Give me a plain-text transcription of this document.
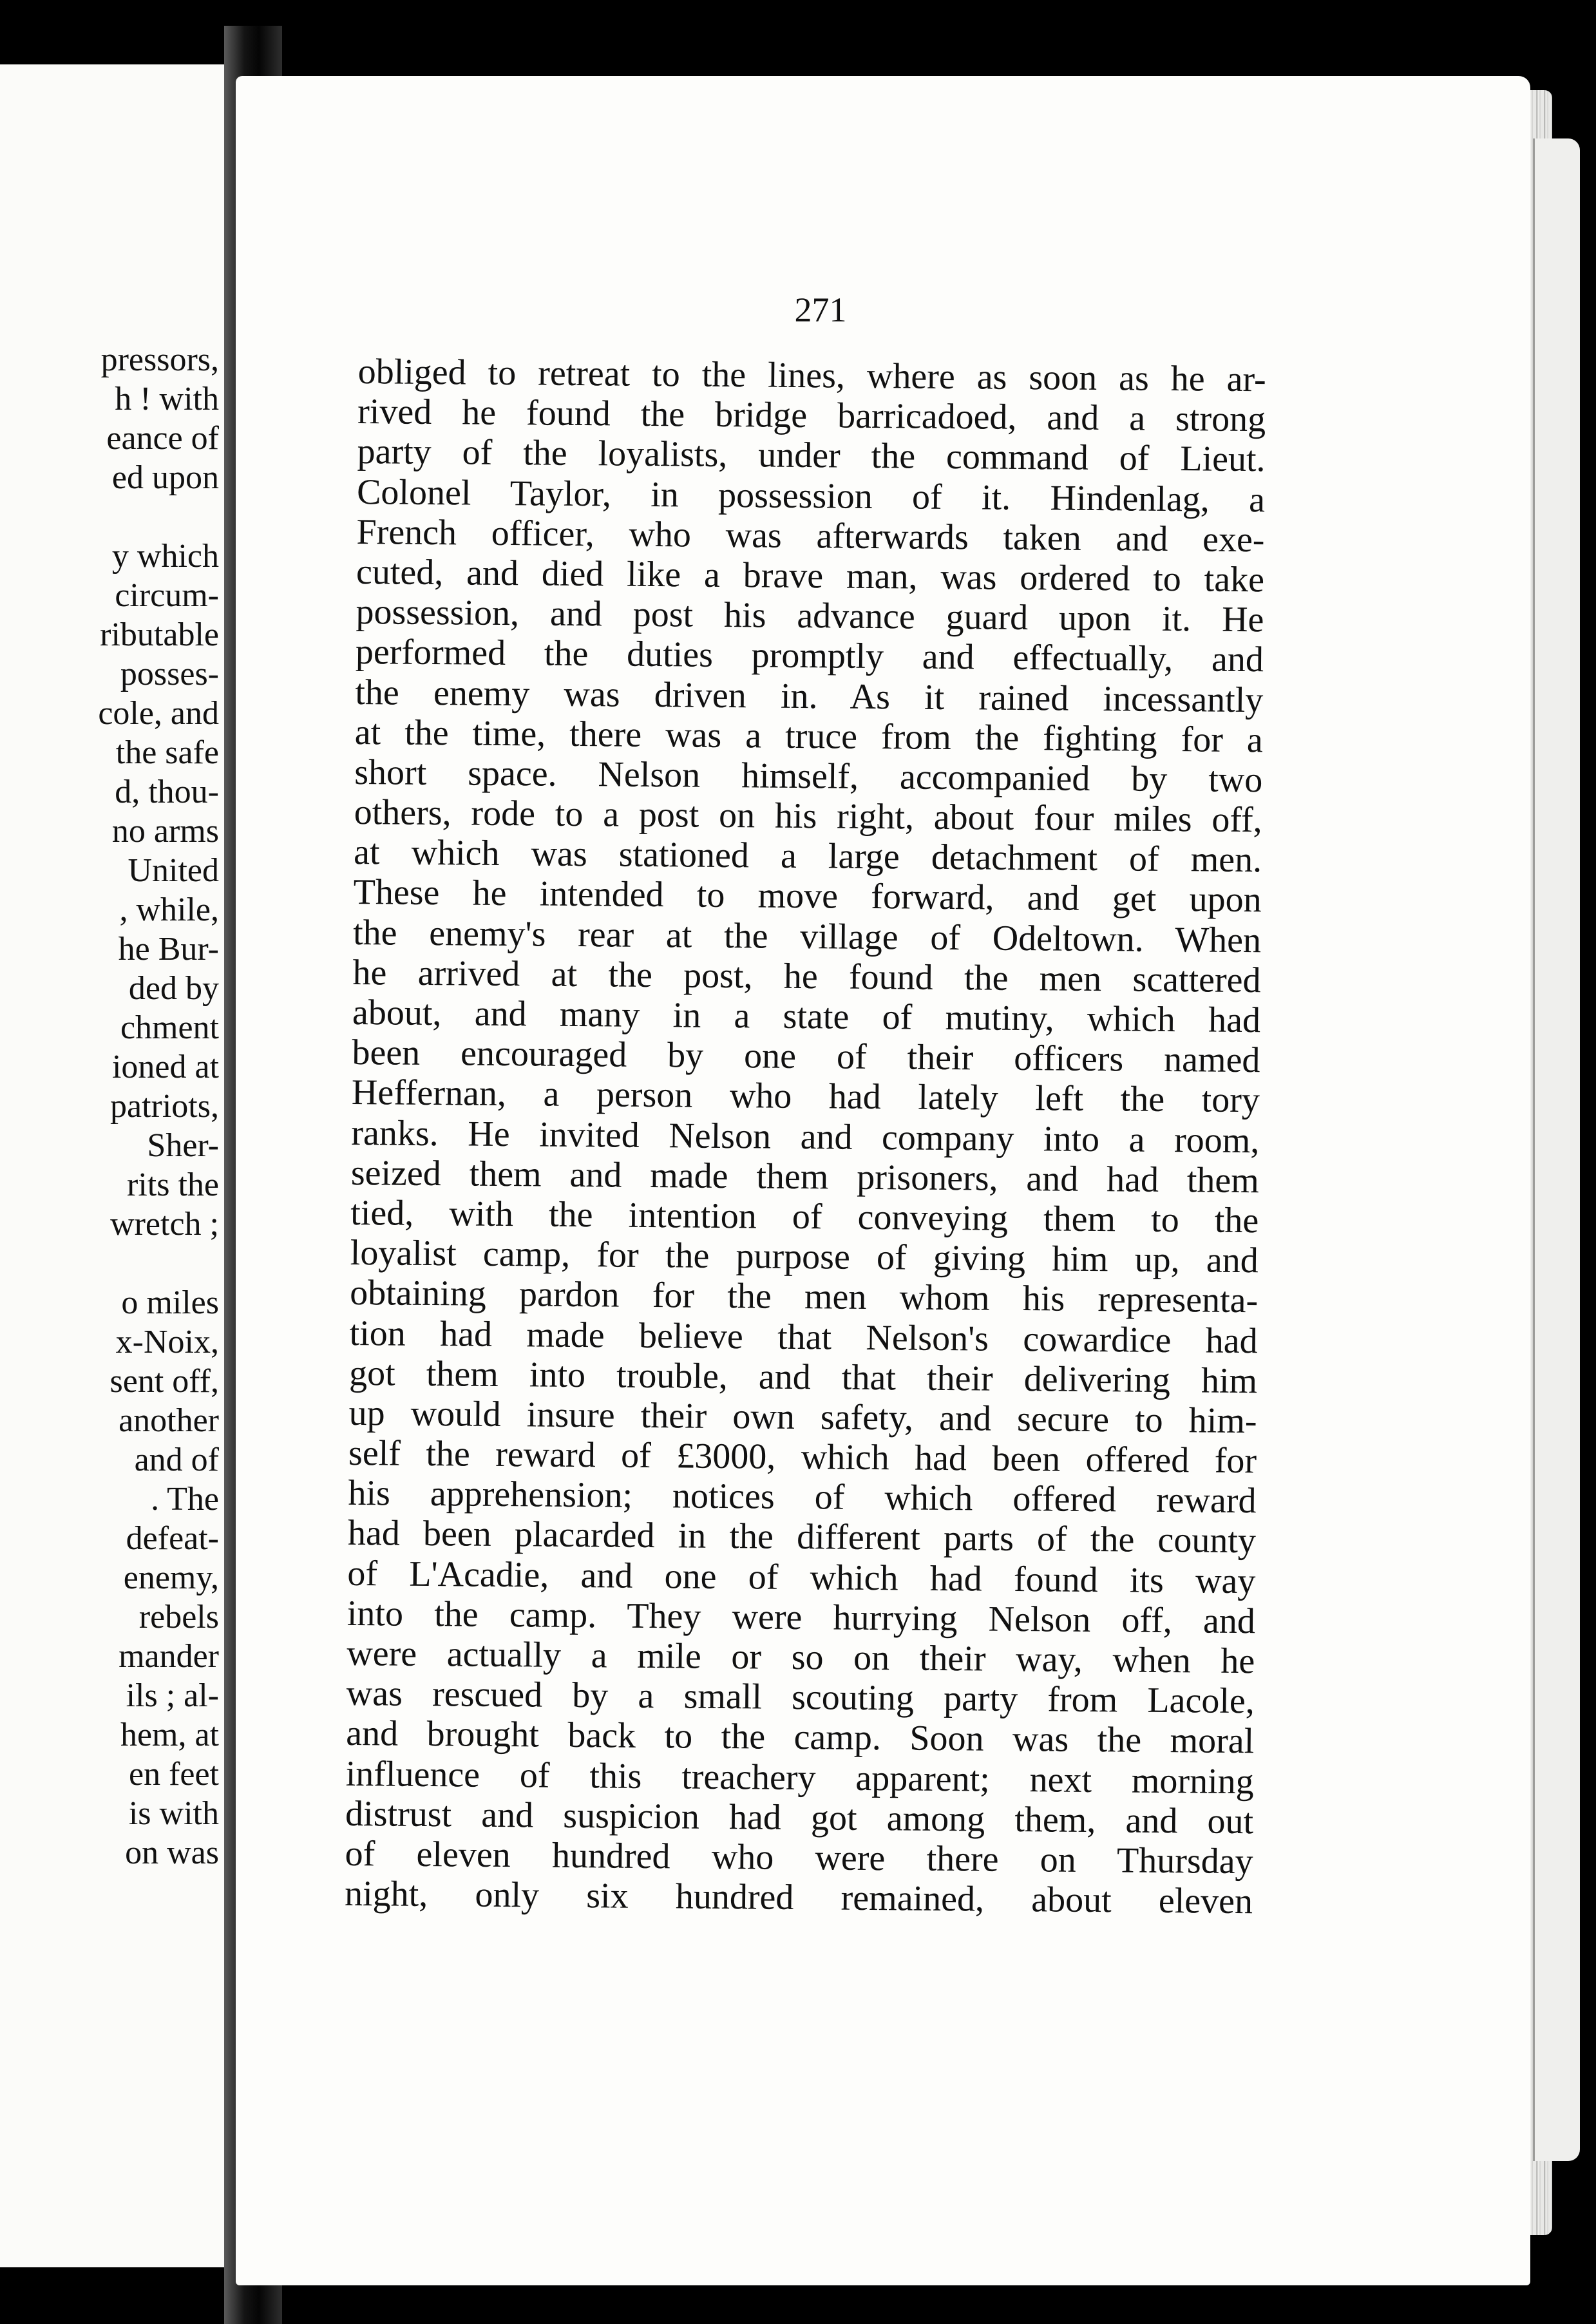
pressors,
h ! with
eance of
ed upon
y which
circum-
ributable
posses-
cole, and
the safe
d, thou-
no arms
United
, while,
he Bur-
ded by
chment
ioned at
patriots,
Sher-
rits the
wretch ;
o miles
x-Noix,
sent off,
another
and of
. The
defeat-
enemy,
rebels
mander
ils ; al-
hem, at
en feet
is with
on was
271
obliged to retreat to the lines, where as soon as he ar-
rived he found the bridge barricadoed, and a strong
party of the loyalists, under the command of Lieut.
Colonel Taylor, in possession of it. Hindenlag, a
French officer, who was afterwards taken and exe-
cuted, and died like a brave man, was ordered to take
possession, and post his advance guard upon it. He
performed the duties promptly and effectually, and
the enemy was driven in. As it rained incessantly
at the time, there was a truce from the fighting for a
short space. Nelson himself, accompanied by two
others, rode to a post on his right, about four miles off,
at which was stationed a large detachment of men.
These he intended to move forward, and get upon
the enemy's rear at the village of Odeltown. When
he arrived at the post, he found the men scattered
about, and many in a state of mutiny, which had
been encouraged by one of their officers named
Heffernan, a person who had lately left the tory
ranks. He invited Nelson and company into a room,
seized them and made them prisoners, and had them
tied, with the intention of conveying them to the
loyalist camp, for the purpose of giving him up, and
obtaining pardon for the men whom his representa-
tion had made believe that Nelson's cowardice had
got them into trouble, and that their delivering him
up would insure their own safety, and secure to him-
self the reward of £3000, which had been offered for
his apprehension; notices of which offered reward
had been placarded in the different parts of the county
of L'Acadie, and one of which had found its way
into the camp. They were hurrying Nelson off, and
were actually a mile or so on their way, when he
was rescued by a small scouting party from Lacole,
and brought back to the camp. Soon was the moral
influence of this treachery apparent; next morning
distrust and suspicion had got among them, and out
of eleven hundred who were there on Thursday
night, only six hundred remained, about eleven
